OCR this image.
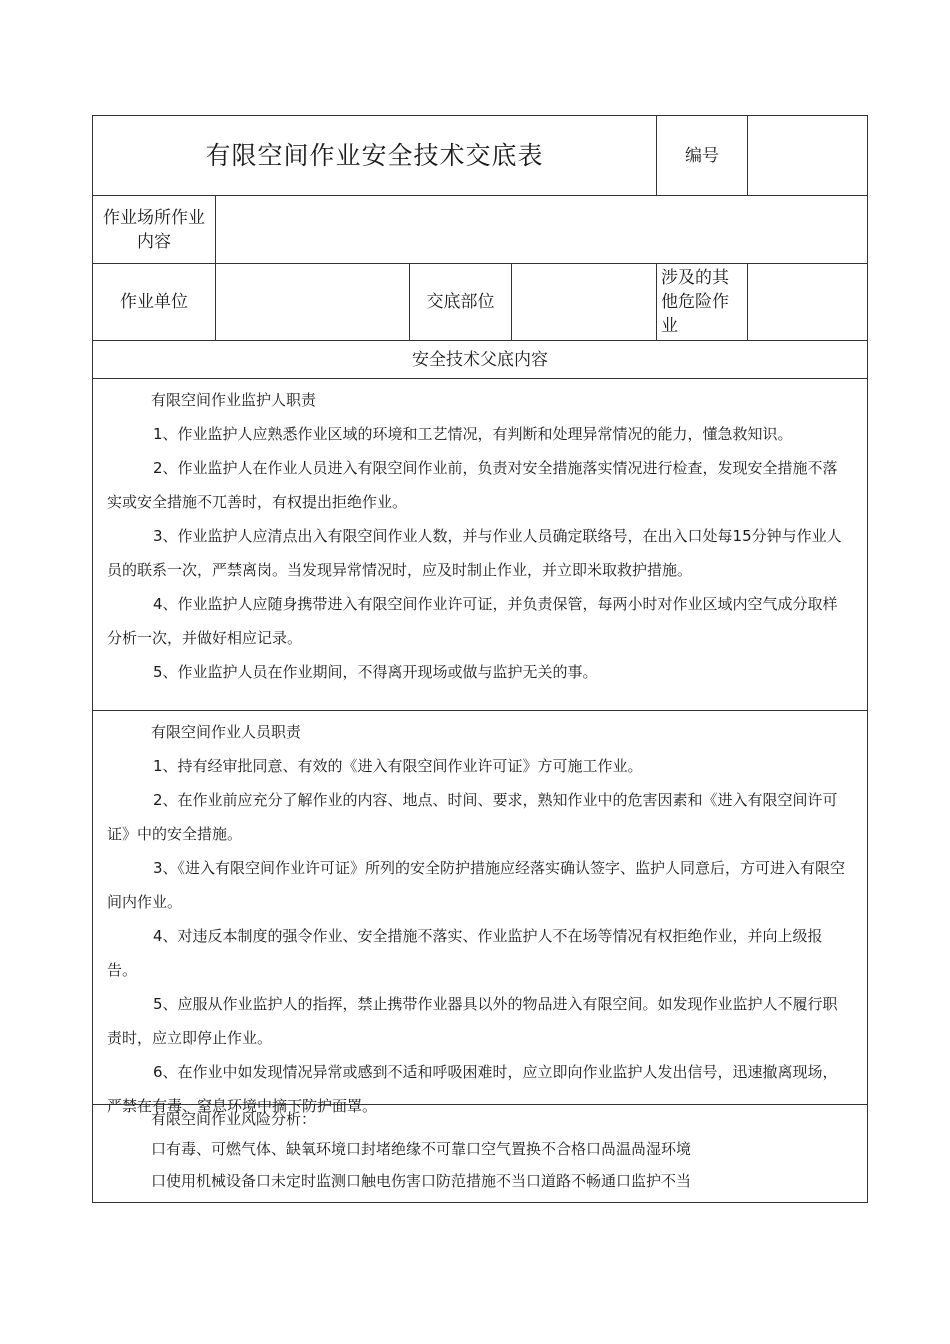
有限空间作业安全技术交底表	编号
作业场所作业内容
作业单位	交底部位
涉及的其他危险作业
安全技术父底内容

有限空间作业监护人职责

1、作业监护人应熟悉作业区域的环境和工艺情况，有判断和处理异常情况的能力，懂急救知识。

2、作业监护人在作业人员进入有限空间作业前，负责对安全措施落实情况进行检查，发现安全措施不落实或安全措施不兀善时，有权提出拒绝作业。

3、作业监护人应清点出入有限空间作业人数，并与作业人员确定联络号，在出入口处每15分钟与作业人员的联系一次，严禁离岗。当发现异常情况时，应及时制止作业，并立即米取救护措施。

4、作业监护人应随身携带进入有限空间作业许可证，并负责保管，每两小时对作业区域内空气成分取样分析一次，并做好相应记录。

5、作业监护人员在作业期间，不得离开现场或做与监护无关的事。

有限空间作业人员职责

1、持有经审批同意、有效的《进入有限空间作业许可证》方可施工作业。

2、在作业前应充分了解作业的内容、地点、时间、要求，熟知作业中的危害因素和《进入有限空间许可证》中的安全措施。

3、《进入有限空间作业许可证》所列的安全防护措施应经落实确认签字、监护人同意后，方可进入有限空间内作业。

4、对违反本制度的强令作业、安全措施不落实、作业监护人不在场等情况有权拒绝作业，并向上级报告。

5、应服从作业监护人的指挥，禁止携带作业器具以外的物品进入有限空间。如发现作业监护人不履行职责时，应立即停止作业。

6、在作业中如发现情况异常或感到不适和呼吸困难时，应立即向作业监护人发出信号，迅速撤离现场，严禁在有毒、窒息环境中摘下防护面罩。

有限空间作业风险分析：

口有毒、可燃气体、缺氧环境口封堵绝缘不可靠口空气置换不合格口咼温咼湿环境

口使用机械设备口未定时监测口触电伤害口防范措施不当口道路不畅通口监护不当
